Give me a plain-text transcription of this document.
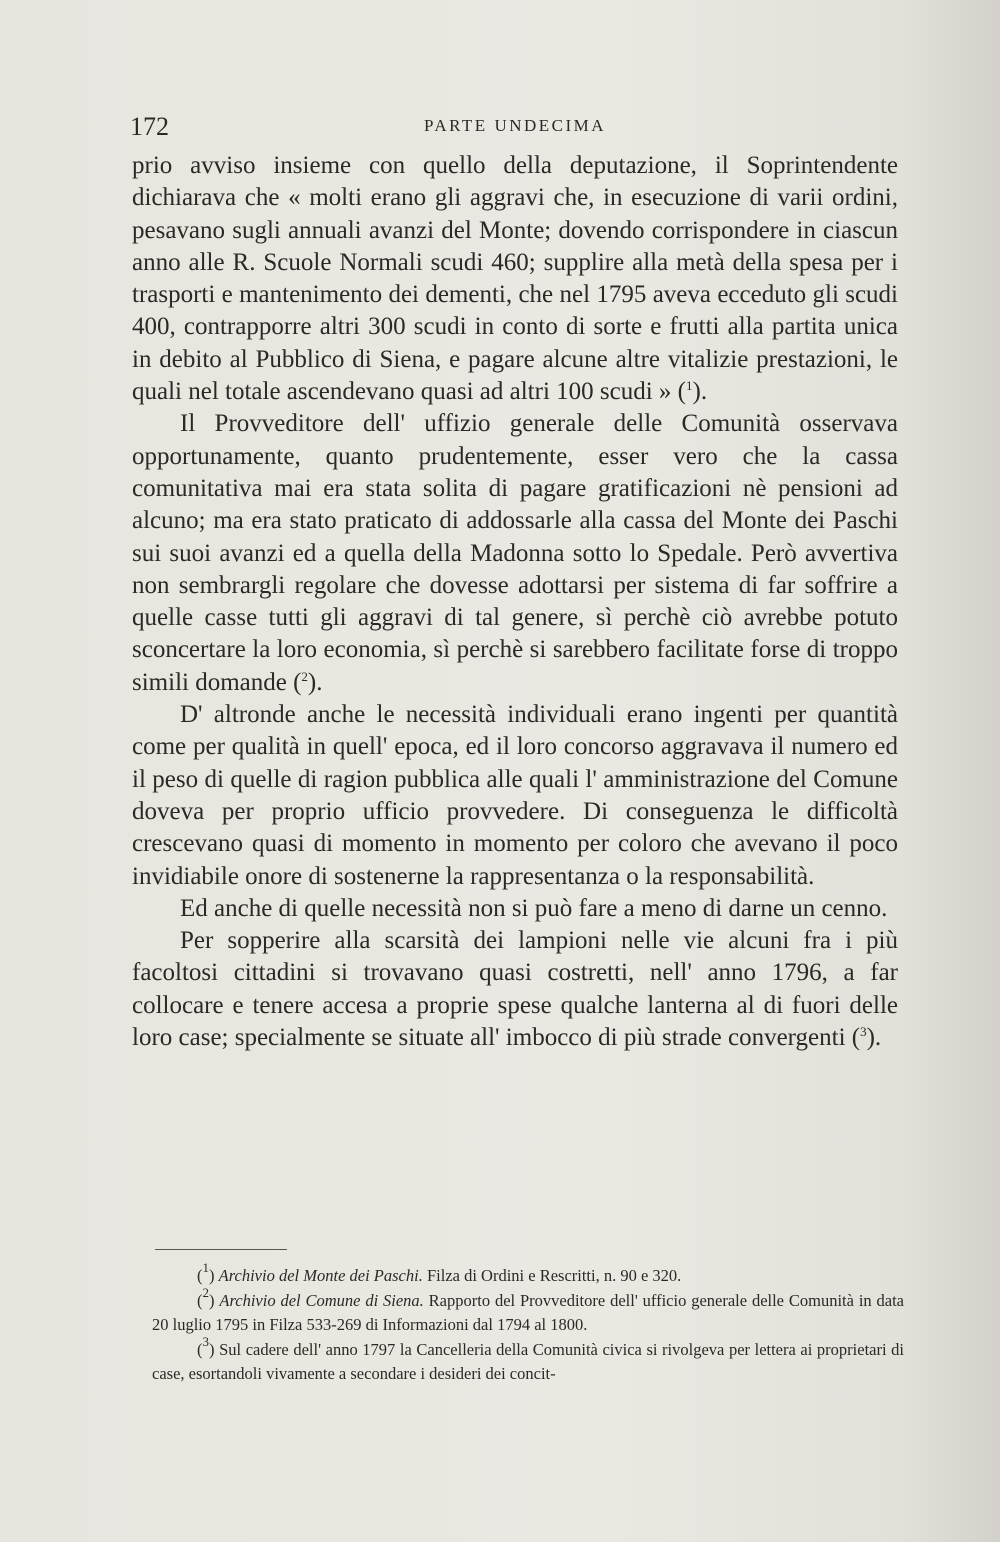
172	PARTE UNDECIMA

prio avviso insieme con quello della deputazione, il Soprintendente dichiarava che « molti erano gli aggravi che, in esecuzione di varii ordini, pesavano sugli annuali avanzi del Monte; dovendo corrispondere in ciascun anno alle R. Scuole Normali scudi 460; supplire alla metà della spesa per i trasporti e mantenimento dei dementi, che nel 1795 aveva ecceduto gli scudi 400, contrapporre altri 300 scudi in conto di sorte e frutti alla partita unica in debito al Pubblico di Siena, e pagare alcune altre vitalizie prestazioni, le quali nel totale ascendevano quasi ad altri 100 scudi » ($^1$).

Il Provveditore dell' uffizio generale delle Comunità osservava opportunamente, quanto prudentemente, esser vero che la cassa comunitativa mai era stata solita di pagare gratificazioni nè pensioni ad alcuno; ma era stato praticato di addossarle alla cassa del Monte dei Paschi sui suoi avanzi ed a quella della Madonna sotto lo Spedale. Però avvertiva non sembrargli regolare che dovesse adottarsi per sistema di far soffrire a quelle casse tutti gli aggravi di tal genere, sì perchè ciò avrebbe potuto sconcertare la loro economia, sì perchè si sarebbero facilitate forse di troppo simili domande ($^2$).

D' altronde anche le necessità individuali erano ingenti per quantità come per qualità in quell' epoca, ed il loro concorso aggravava il numero ed il peso di quelle di ragion pubblica alle quali l' amministrazione del Comune doveva per proprio ufficio provvedere. Di conseguenza le difficoltà crescevano quasi di momento in momento per coloro che avevano il poco invidiabile onore di sostenerne la rappresentanza o la responsabilità.

Ed anche di quelle necessità non si può fare a meno di darne un cenno.

Per sopperire alla scarsità dei lampioni nelle vie alcuni fra i più facoltosi cittadini si trovavano quasi costretti, nell' anno 1796, a far collocare e tenere accesa a proprie spese qualche lanterna al di fuori delle loro case; specialmente se situate all' imbocco di più strade convergenti ($^3$).

($^1$) Archivio del Monte dei Paschi. Filza di Ordini e Rescritti, n. 90 e 320.

($^2$) Archivio del Comune di Siena. Rapporto del Provveditore dell' ufficio generale delle Comunità in data 20 luglio 1795 in Filza 533-269 di Informazioni dal 1794 al 1800.

($^3$) Sul cadere dell' anno 1797 la Cancelleria della Comunità civica si rivolgeva per lettera ai proprietari di case, esortandoli vivamente a secondare i desideri dei concit-
